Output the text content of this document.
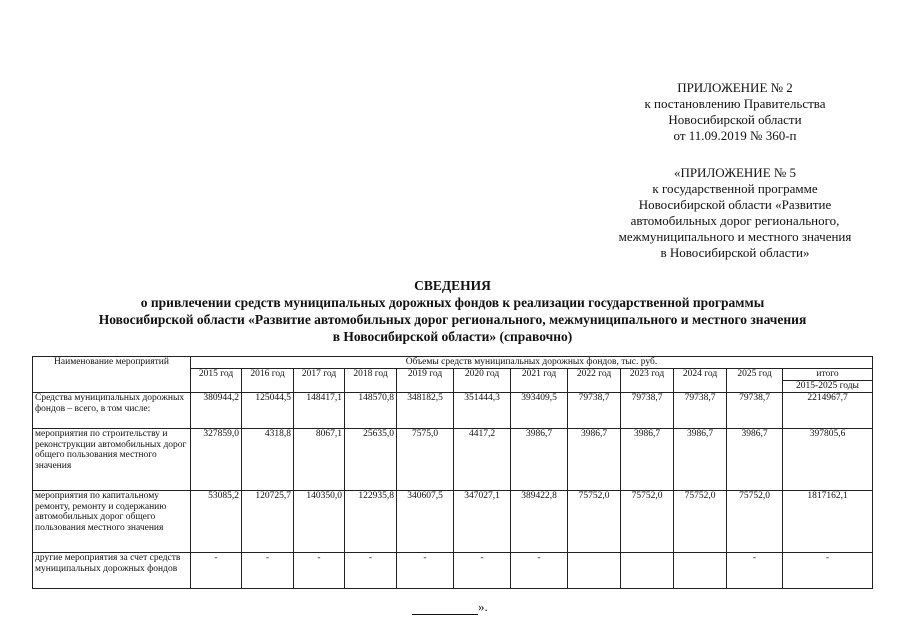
ПРИЛОЖЕНИЕ № 2
к постановлению Правительства
Новосибирской области
от 11.09.2019 № 360-п
«ПРИЛОЖЕНИЕ № 5
к государственной программе
Новосибирской области «Развитие
автомобильных дорог регионального,
межмуниципального и местного значения
в Новосибирской области»
СВЕДЕНИЯ
о привлечении средств муниципальных дорожных фондов к реализации государственной программы
Новосибирской области «Развитие автомобильных дорог регионального, межмуниципального и местного значения
в Новосибирской области» (справочно)
Наименование мероприятий	Объемы средств муниципальных дорожных фондов, тыс. руб.											
	2015 год	2016 год	2017 год	2018 год	2019 год	2020 год	2021 год	2022 год	2023 год	2024 год	2025 год	итого
												2015-2025 годы
Средства муниципальных дорожных фондов – всего, в том числе:	380944,2	125044,5	148417,1	148570,8	348182,5	351444,3	393409,5	79738,7	79738,7	79738,7	79738,7	2214967,7
мероприятия по строительству и реконструкции автомобильных дорог общего пользования местного значения	327859,0	4318,8	8067,1	25635,0	7575,0	4417,2	3986,7	3986,7	3986,7	3986,7	3986,7	397805,6
мероприятия по капитальному ремонту, ремонту и содержанию автомобильных дорог общего пользования местного значения	53085,2	120725,7	140350,0	122935,8	340607,5	347027,1	389422,8	75752,0	75752,0	75752,0	75752,0	1817162,1
другие мероприятия за счет средств муниципальных дорожных фондов	-	-	-	-	-	-	-				-	-
».
